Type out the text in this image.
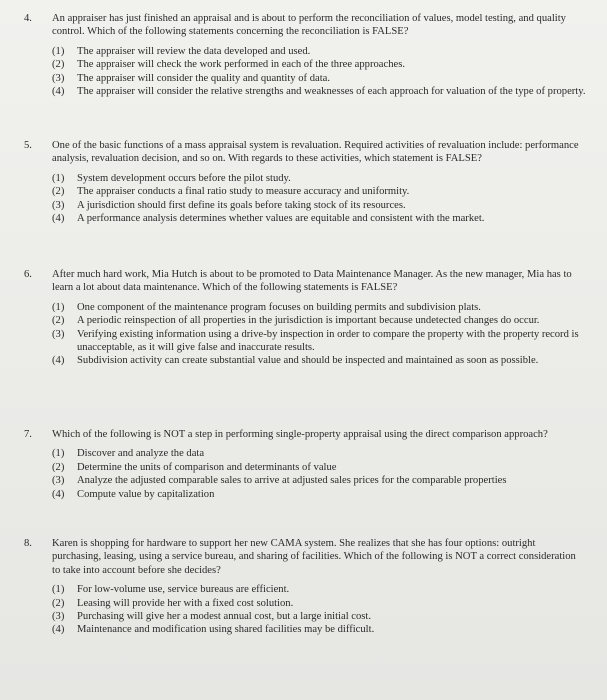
4.	An appraiser has just finished an appraisal and is about to perform the reconciliation of values, model testing, and quality control. Which of the following statements concerning the reconciliation is FALSE?
(1) The appraiser will review the data developed and used.
(2) The appraiser will check the work performed in each of the three approaches.
(3) The appraiser will consider the quality and quantity of data.
(4) The appraiser will consider the relative strengths and weaknesses of each approach for valuation of the type of property.
5.	One of the basic functions of a mass appraisal system is revaluation. Required activities of revaluation include: performance analysis, revaluation decision, and so on. With regards to these activities, which statement is FALSE?
(1) System development occurs before the pilot study.
(2) The appraiser conducts a final ratio study to measure accuracy and uniformity.
(3) A jurisdiction should first define its goals before taking stock of its resources.
(4) A performance analysis determines whether values are equitable and consistent with the market.
6.	After much hard work, Mia Hutch is about to be promoted to Data Maintenance Manager. As the new manager, Mia has to learn a lot about data maintenance. Which of the following statements is FALSE?
(1) One component of the maintenance program focuses on building permits and subdivision plats.
(2) A periodic reinspection of all properties in the jurisdiction is important because undetected changes do occur.
(3) Verifying existing information using a drive-by inspection in order to compare the property with the property record is unacceptable, as it will give false and inaccurate results.
(4) Subdivision activity can create substantial value and should be inspected and maintained as soon as possible.
7.	Which of the following is NOT a step in performing single-property appraisal using the direct comparison approach?
(1) Discover and analyze the data
(2) Determine the units of comparison and determinants of value
(3) Analyze the adjusted comparable sales to arrive at adjusted sales prices for the comparable properties
(4) Compute value by capitalization
8.	Karen is shopping for hardware to support her new CAMA system. She realizes that she has four options: outright purchasing, leasing, using a service bureau, and sharing of facilities. Which of the following is NOT a correct consideration to take into account before she decides?
(1) For low-volume use, service bureaus are efficient.
(2) Leasing will provide her with a fixed cost solution.
(3) Purchasing will give her a modest annual cost, but a large initial cost.
(4) Maintenance and modification using shared facilities may be difficult.
